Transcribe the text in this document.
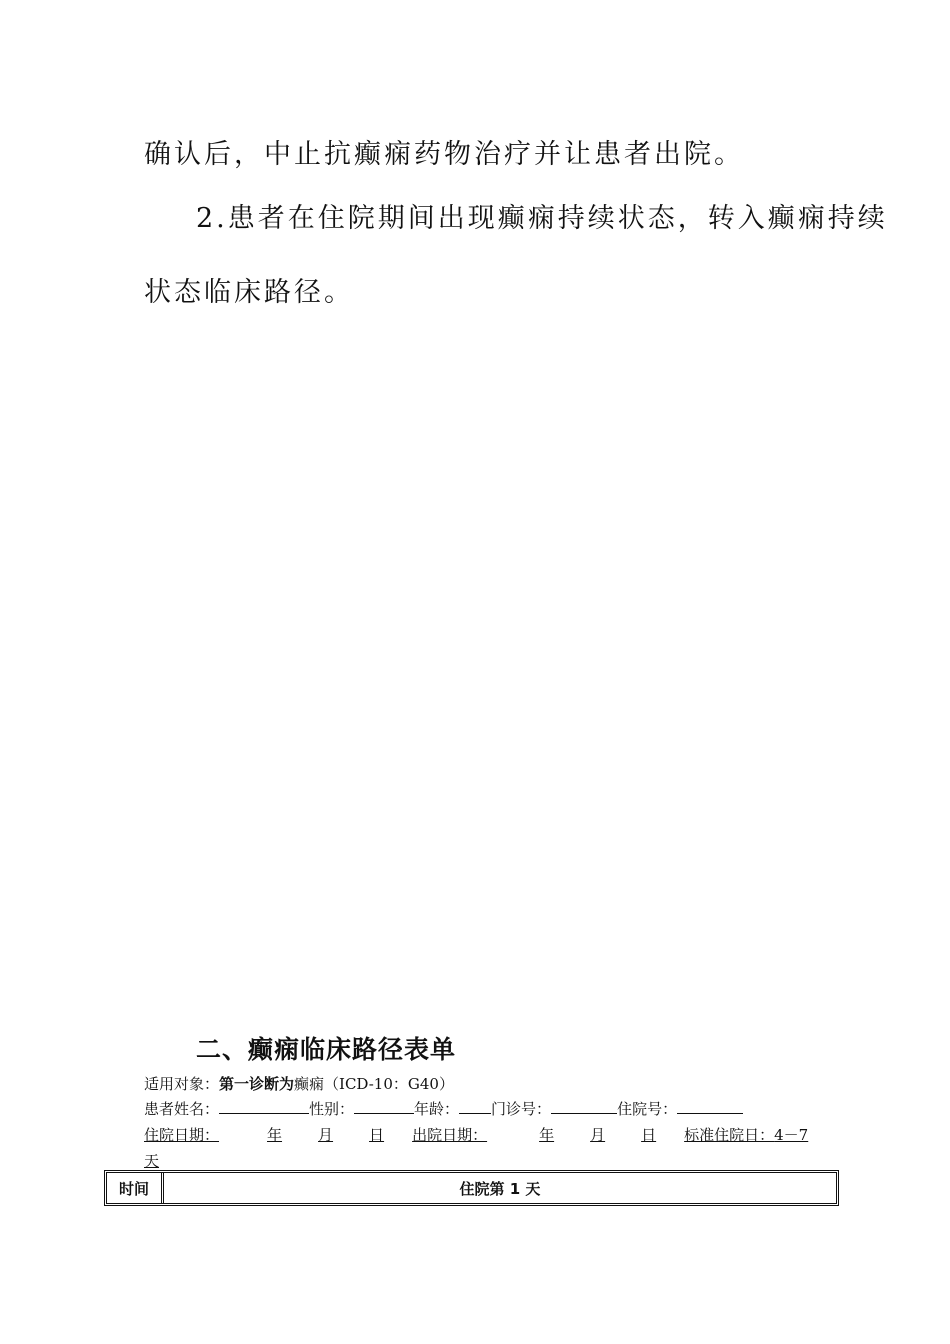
确认后，中止抗癫痫药物治疗并让患者出院。
2.患者在住院期间出现癫痫持续状态，转入癫痫持续
状态临床路径。
二、癫痫临床路径表单
适用对象：第一诊断为癫痫（ICD-10：G40）
患者姓名：	性别：	年龄： 门诊号：	住院号：
住院日期：	年 月 日 出院日期：	年 月 日 标准住院日：4－7
天
时间	住院第 1 天
